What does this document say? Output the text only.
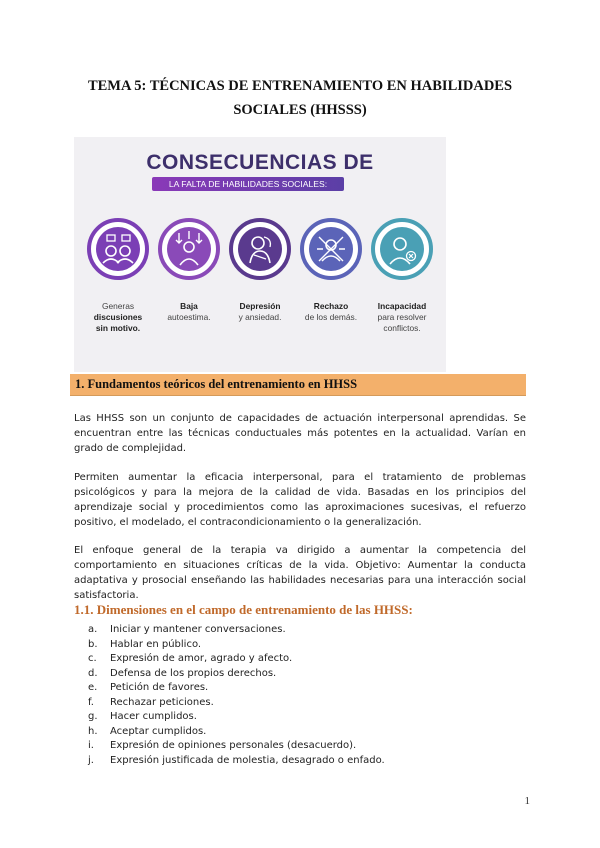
TEMA 5: TÉCNICAS DE ENTRENAMIENTO EN HABILIDADES
SOCIALES (HHSSS)
CONSECUENCIAS DE
LA FALTA DE HABILIDADES SOCIALES:
Generas
discusiones
sin motivo.
Baja
autoestima.
Depresión
y ansiedad.
Rechazo
de los demás.
Incapacidad
para resolver
conflictos.
1. Fundamentos teóricos del entrenamiento en HHSS

Las HHSS son un conjunto de capacidades de actuación interpersonal aprendidas. Se encuentran entre las técnicas conductuales más potentes en la actualidad. Varían en grado de complejidad.

Permiten aumentar la eficacia interpersonal, para el tratamiento de problemas psicológicos y para la mejora de la calidad de vida. Basadas en los principios del aprendizaje social y procedimientos como las aproximaciones sucesivas, el refuerzo positivo, el modelado, el contracondicionamiento o la generalización.

El enfoque general de la terapia va dirigido a aumentar la competencia del comportamiento en situaciones críticas de la vida. Objetivo: Aumentar la conducta adaptativa y prosocial enseñando las habilidades necesarias para una interacción social satisfactoria.

1.1. Dimensiones en el campo de entrenamiento de las HHSS:
a. Iniciar y mantener conversaciones.
b. Hablar en público.
c. Expresión de amor, agrado y afecto.
d. Defensa de los propios derechos.
e. Petición de favores.
f. Rechazar peticiones.
g. Hacer cumplidos.
h. Aceptar cumplidos.
i. Expresión de opiniones personales (desacuerdo).
j. Expresión justificada de molestia, desagrado o enfado.
1
